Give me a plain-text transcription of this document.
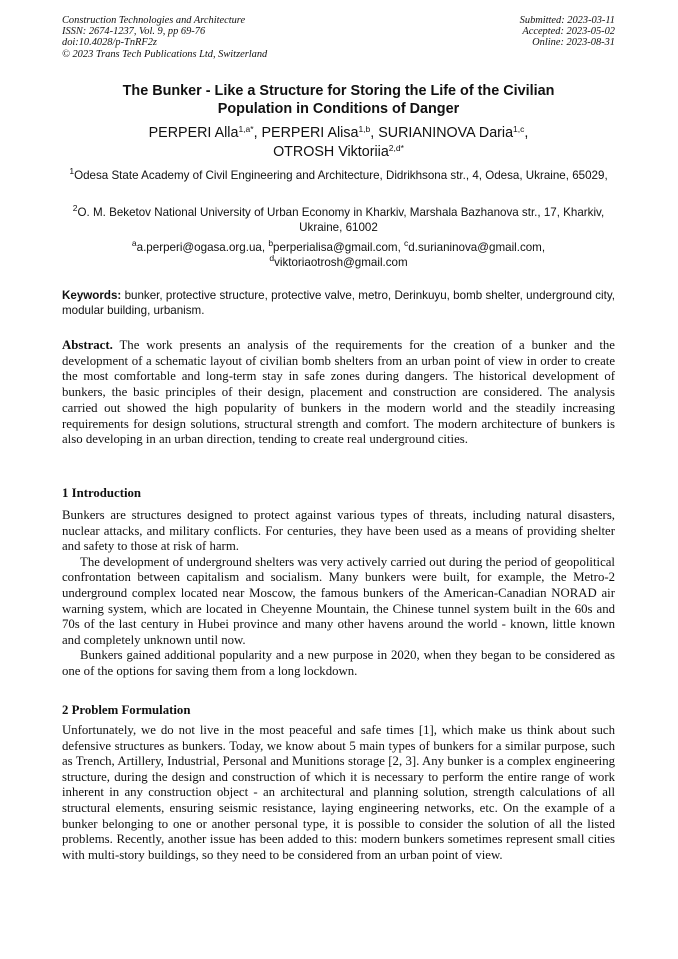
Construction Technologies and Architecture
ISSN: 2674-1237, Vol. 9, pp 69-76
doi:10.4028/p-TnRF2z
© 2023 Trans Tech Publications Ltd, Switzerland
Submitted: 2023-03-11
Accepted: 2023-05-02
Online: 2023-08-31
The Bunker - Like a Structure for Storing the Life of the Civilian
Population in Conditions of Danger
PERPERI Alla$^{1,a*}$, PERPERI Alisa$^{1,b}$, SURIANINOVA Daria$^{1,c}$,
OTROSH Viktoriia$^{2,d*}$
$^1$Odesa State Academy of Civil Engineering and Architecture, Didrikhsona str., 4, Odesa, Ukraine, 65029,
$^2$O. M. Beketov National University of Urban Economy in Kharkiv, Marshala Bazhanova str., 17, Kharkiv, Ukraine, 61002
$^a$a.perperi@ogasa.org.ua, $^b$perperialisa@gmail.com, $^c$d.surianinova@gmail.com,
$^d$viktoriaotrosh@gmail.com
Keywords: bunker, protective structure, protective valve, metro, Derinkuyu, bomb shelter, underground city, modular building, urbanism.
Abstract. The work presents an analysis of the requirements for the creation of a bunker and the development of a schematic layout of civilian bomb shelters from an urban point of view in order to create the most comfortable and long-term stay in safe zones during dangers. The historical development of bunkers, the basic principles of their design, placement and construction are considered. The analysis carried out showed the high popularity of bunkers in the modern world and the steadily increasing requirements for design solutions, structural strength and comfort. The modern architecture of bunkers is also developing in an urban direction, tending to create real underground cities.
1 Introduction

Bunkers are structures designed to protect against various types of threats, including natural disasters, nuclear attacks, and military conflicts. For centuries, they have been used as a means of providing shelter and safety to those at risk of harm.

The development of underground shelters was very actively carried out during the period of geopolitical confrontation between capitalism and socialism. Many bunkers were built, for example, the Metro-2 underground complex located near Moscow, the famous bunkers of the American-Canadian NORAD air warning system, which are located in Cheyenne Mountain, the Chinese tunnel system built in the 60s and 70s of the last century in Hubei province and many other havens around the world - known, little known and completely unknown until now.

Bunkers gained additional popularity and a new purpose in 2020, when they began to be considered as one of the options for saving them from a long lockdown.

2 Problem Formulation

Unfortunately, we do not live in the most peaceful and safe times [1], which make us think about such defensive structures as bunkers. Today, we know about 5 main types of bunkers for a similar purpose, such as Trench, Artillery, Industrial, Personal and Munitions storage [2, 3]. Any bunker is a complex engineering structure, during the design and construction of which it is necessary to perform the entire range of work inherent in any construction object - an architectural and planning solution, strength calculations of all structural elements, ensuring seismic resistance, laying engineering networks, etc. On the example of a bunker belonging to one or another personal type, it is possible to consider the solution of all the listed problems. Recently, another issue has been added to this: modern bunkers sometimes represent small cities with multi-story buildings, so they need to be considered from an urban point of view.
